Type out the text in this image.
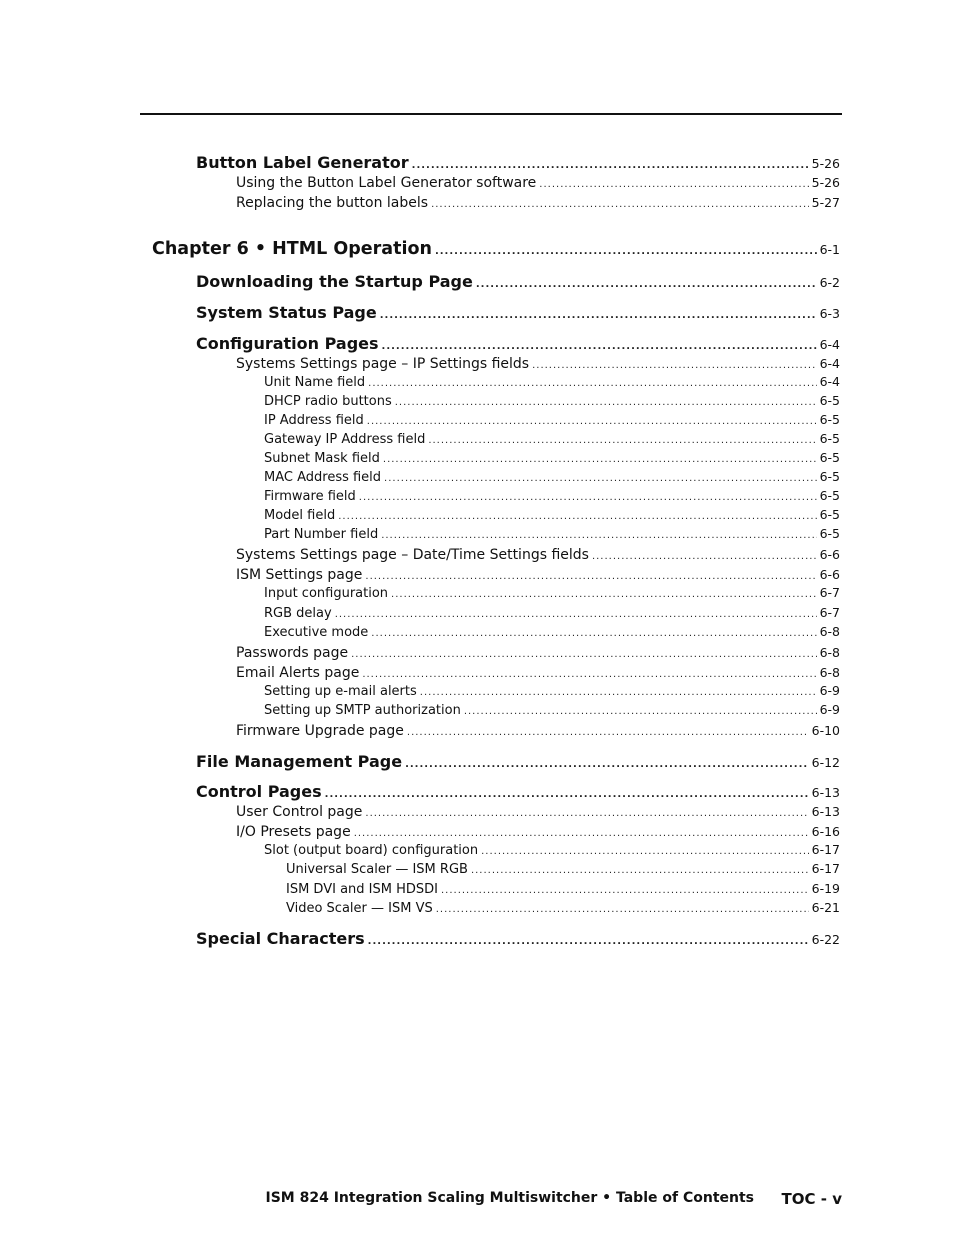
Button Label Generator .....	5-26
Using the Button Label Generator software .....	5-26
Replacing the button labels .....	5-27
Chapter 6 • HTML Operation .....	6-1
Downloading the Startup Page .....	6-2
System Status Page .....	6-3
Configuration Pages .....	6-4
Systems Settings page – IP Settings fields .....	6-4
Unit Name field .....	6-4
DHCP radio buttons .....	6-5
IP Address field .....	6-5
Gateway IP Address field .....	6-5
Subnet Mask field .....	6-5
MAC Address field .....	6-5
Firmware field .....	6-5
Model field .....	6-5
Part Number field .....	6-5
Systems Settings page – Date/Time Settings fields .....	6-6
ISM Settings page .....	6-6
Input configuration .....	6-7
RGB delay .....	6-7
Executive mode .....	6-8
Passwords page .....	6-8
Email Alerts page .....	6-8
Setting up e-mail alerts .....	6-9
Setting up SMTP authorization .....	6-9
Firmware Upgrade page .....	6-10
File Management Page .....	6-12
Control Pages .....	6-13
User Control page .....	6-13
I/O Presets page .....	6-16
Slot (output board) configuration .....	6-17
Universal Scaler — ISM RGB .....	6-17
ISM DVI and ISM HDSDI .....	6-19
Video Scaler — ISM VS .....	6-21
Special Characters .....	6-22
ISM 824 Integration Scaling Multiswitcher • Table of Contents TOC - v
